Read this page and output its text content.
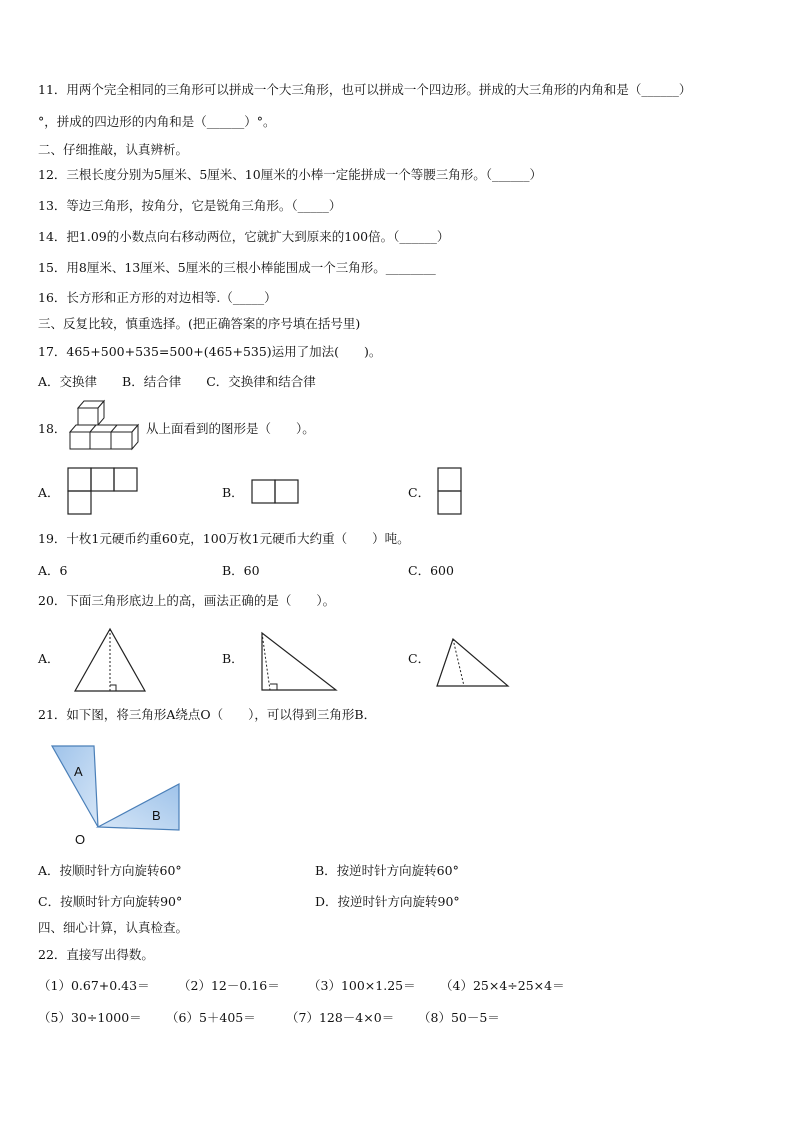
11．用两个完全相同的三角形可以拼成一个大三角形，也可以拼成一个四边形。拼成的大三角形的内角和是（______）
°，拼成的四边形的内角和是（______）°。
二、仔细推敲，认真辨析。
12．三根长度分别为5厘米、5厘米、10厘米的小棒一定能拼成一个等腰三角形。（______）
13．等边三角形，按角分，它是锐角三角形。（_____）
14．把1.09的小数点向右移动两位，它就扩大到原来的100倍。（______）
15．用8厘米、13厘米、5厘米的三根小棒能围成一个三角形。________
16．长方形和正方形的对边相等.（_____）
三、反复比较，慎重选择。(把正确答案的序号填在括号里)
17．465+500+535=500+(465+535)运用了加法(　　)。
A．交换律　　B．结合律　　C．交换律和结合律
18．	从上面看到的图形是（　　）。
A．	B．	C．
19．十枚1元硬币约重60克，100万枚1元硬币大约重（　　）吨。
A．6	B．60	C．600
20．下面三角形底边上的高，画法正确的是（　　）。
A．	B．	C．
21．如下图，将三角形A绕点O（　　），可以得到三角形B．
A
B
O
A．按顺时针方向旋转60°	B．按逆时针方向旋转60°
C．按顺时针方向旋转90°	D．按逆时针方向旋转90°
四、细心计算，认真检查。
22．直接写出得数。
（1）0.67+0.43＝ （2）12－0.16＝ （3）100×1.25＝ （4）25×4÷25×4＝
（5）30÷1000＝ （6）5＋405＝ （7）128－4×0＝ （8）50－5＝
